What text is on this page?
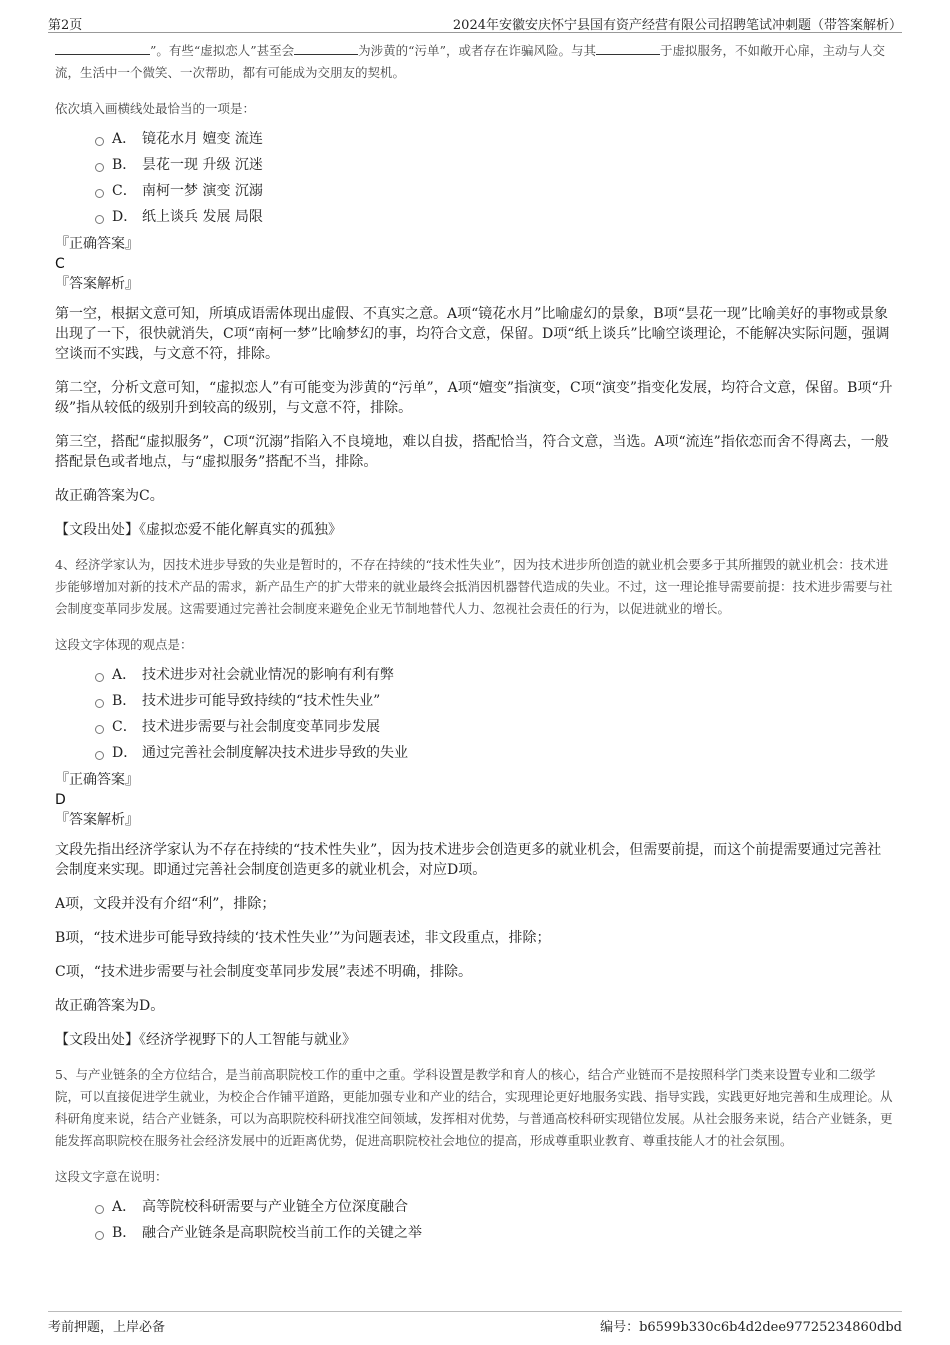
第2页	2024年安徽安庆怀宁县国有资产经营有限公司招聘笔试冲刺题（带答案解析）

”。有些“虚拟恋人”甚至会	为涉黄的“污单”，或者存在诈骗风险。与其	于虚拟服务，不如敞开心扉，主动与人交流，生活中一个微笑、一次帮助，都有可能成为交朋友的契机。

依次填入画横线处最恰当的一项是：

A． 镜花水月 嬗变 流连
B． 昙花一现 升级 沉迷
C． 南柯一梦 演变 沉溺
D． 纸上谈兵 发展 局限
『正确答案』
C
『答案解析』

第一空，根据文意可知，所填成语需体现出虚假、不真实之意。A项“镜花水月”比喻虚幻的景象，B项“昙花一现”比喻美好的事物或景象出现了一下，很快就消失，C项“南柯一梦”比喻梦幻的事，均符合文意，保留。D项“纸上谈兵”比喻空谈理论，不能解决实际问题，强调空谈而不实践，与文意不符，排除。

第二空，分析文意可知，“虚拟恋人”有可能变为涉黄的“污单”，A项“嬗变”指演变，C项“演变”指变化发展，均符合文意，保留。B项“升级”指从较低的级别升到较高的级别，与文意不符，排除。

第三空，搭配“虚拟服务”，C项“沉溺”指陷入不良境地，难以自拔，搭配恰当，符合文意，当选。A项“流连”指依恋而舍不得离去，一般搭配景色或者地点，与“虚拟服务”搭配不当，排除。

故正确答案为C。

【文段出处】《虚拟恋爱不能化解真实的孤独》

4、经济学家认为，因技术进步导致的失业是暂时的，不存在持续的“技术性失业”，因为技术进步所创造的就业机会要多于其所摧毁的就业机会：技术进步能够增加对新的技术产品的需求，新产品生产的扩大带来的就业最终会抵消因机器替代造成的失业。不过，这一理论推导需要前提：技术进步需要与社会制度变革同步发展。这需要通过完善社会制度来避免企业无节制地替代人力、忽视社会责任的行为，以促进就业的增长。

这段文字体现的观点是：

A． 技术进步对社会就业情况的影响有利有弊
B． 技术进步可能导致持续的“技术性失业”
C． 技术进步需要与社会制度变革同步发展
D． 通过完善社会制度解决技术进步导致的失业
『正确答案』
D
『答案解析』

文段先指出经济学家认为不存在持续的“技术性失业”，因为技术进步会创造更多的就业机会，但需要前提，而这个前提需要通过完善社会制度来实现。即通过完善社会制度创造更多的就业机会，对应D项。

A项，文段并没有介绍“利”，排除；

B项，“技术进步可能导致持续的‘技术性失业’”为问题表述，非文段重点，排除；

C项，“技术进步需要与社会制度变革同步发展”表述不明确，排除。

故正确答案为D。

【文段出处】《经济学视野下的人工智能与就业》

5、与产业链条的全方位结合，是当前高职院校工作的重中之重。学科设置是教学和育人的核心，结合产业链而不是按照科学门类来设置专业和二级学院，可以直接促进学生就业，为校企合作铺平道路，更能加强专业和产业的结合，实现理论更好地服务实践、指导实践，实践更好地完善和生成理论。从科研角度来说，结合产业链条，可以为高职院校科研找准空间领域，发挥相对优势，与普通高校科研实现错位发展。从社会服务来说，结合产业链条，更能发挥高职院校在服务社会经济发展中的近距离优势，促进高职院校社会地位的提高，形成尊重职业教育、尊重技能人才的社会氛围。

这段文字意在说明：

A． 高等院校科研需要与产业链全方位深度融合
B． 融合产业链条是高职院校当前工作的关键之举
考前押题，上岸必备	编号：b6599b330c6b4d2dee97725234860dbd
